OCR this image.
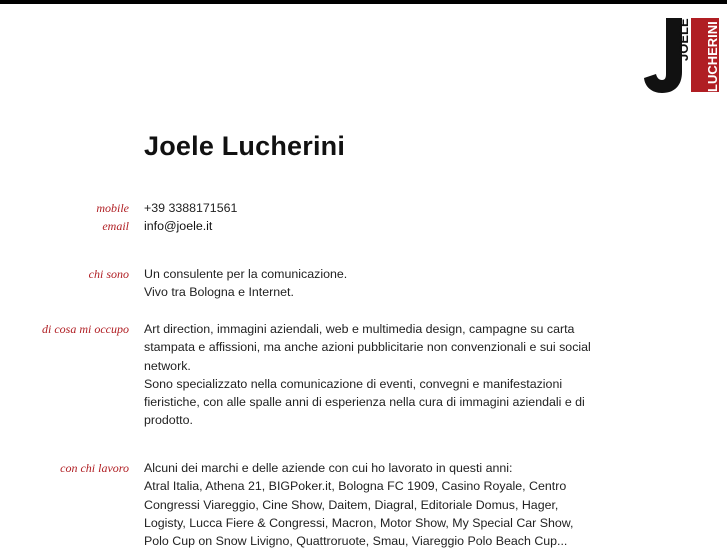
JOELE LUCHERINI
Joele Lucherini
mobile +39 3388171561
email info@joele.it
chi sono Un consulente per la comunicazione.

Vivo tra Bologna e Internet.

di cosa mi occupo Art direction, immagini aziendali, web e multimedia design, campagne su carta stampata e affissioni, ma anche azioni pubblicitarie non convenzionali e sui social network.

Sono specializzato nella comunicazione di eventi, convegni e manifestazioni fieristiche, con alle spalle anni di esperienza nella cura di immagini aziendali e di prodotto.

con chi lavoro Alcuni dei marchi e delle aziende con cui ho lavorato in questi anni:

Atral Italia, Athena 21, BIGPoker.it, Bologna FC 1909, Casino Royale, Centro Congressi Viareggio, Cine Show, Daitem, Diagral, Editoriale Domus, Hager, Logisty, Lucca Fiere & Congressi, Macron, Motor Show, My Special Car Show, Polo Cup on Snow Livigno, Quattroruote, Smau, Viareggio Polo Beach Cup...
